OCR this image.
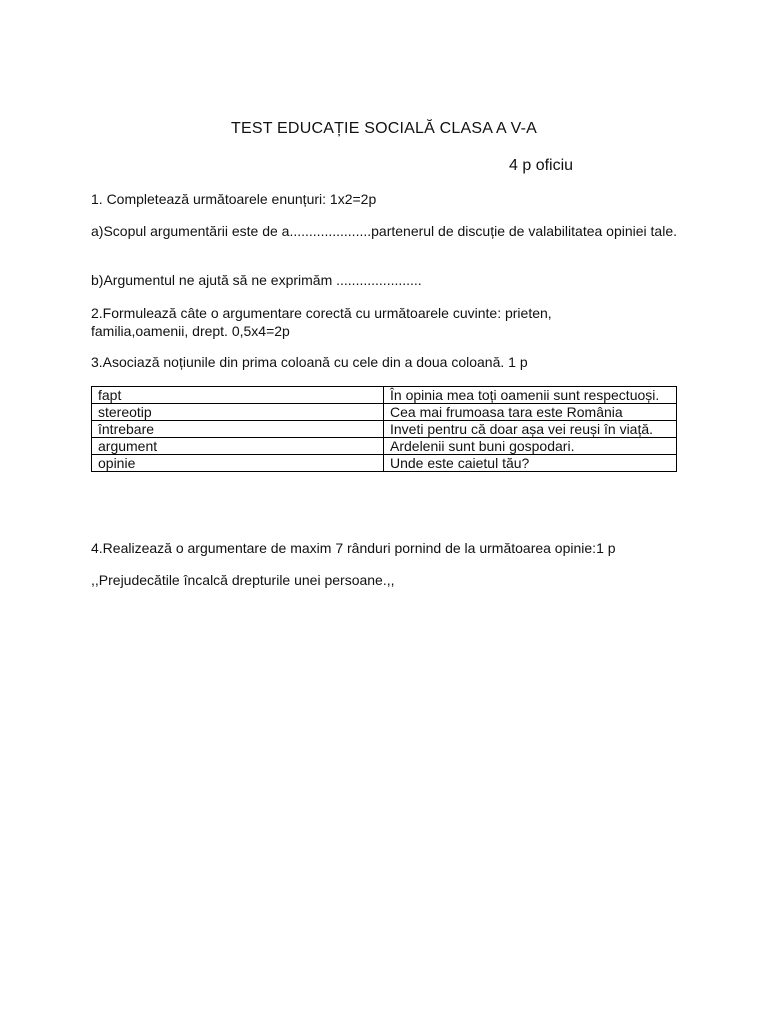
TEST EDUCAȚIE SOCIALĂ CLASA A V-A
4 p oficiu
1. Completează următoarele enunțuri: 1x2=2p
a)Scopul argumentării este de a.....................partenerul de discuție de valabilitatea opiniei tale.
b)Argumentul ne ajută să ne exprimăm ......................
2.Formulează câte o argumentare corectă cu următoarele cuvinte: prieten, familia,oamenii, drept. 0,5x4=2p
3.Asociază noțiunile din prima coloană cu cele din a doua coloană. 1 p
fapt	În opinia mea toți oamenii sunt respectuoși.
stereotip	Cea mai frumoasa tara este România
întrebare	Inveti pentru că doar așa vei reuși în viață.
argument	Ardelenii sunt buni gospodari.
opinie	Unde este caietul tău?
4.Realizează o argumentare de maxim 7 rânduri pornind de la următoarea opinie:1 p
,,Prejudecătile încalcă drepturile unei persoane.,,
